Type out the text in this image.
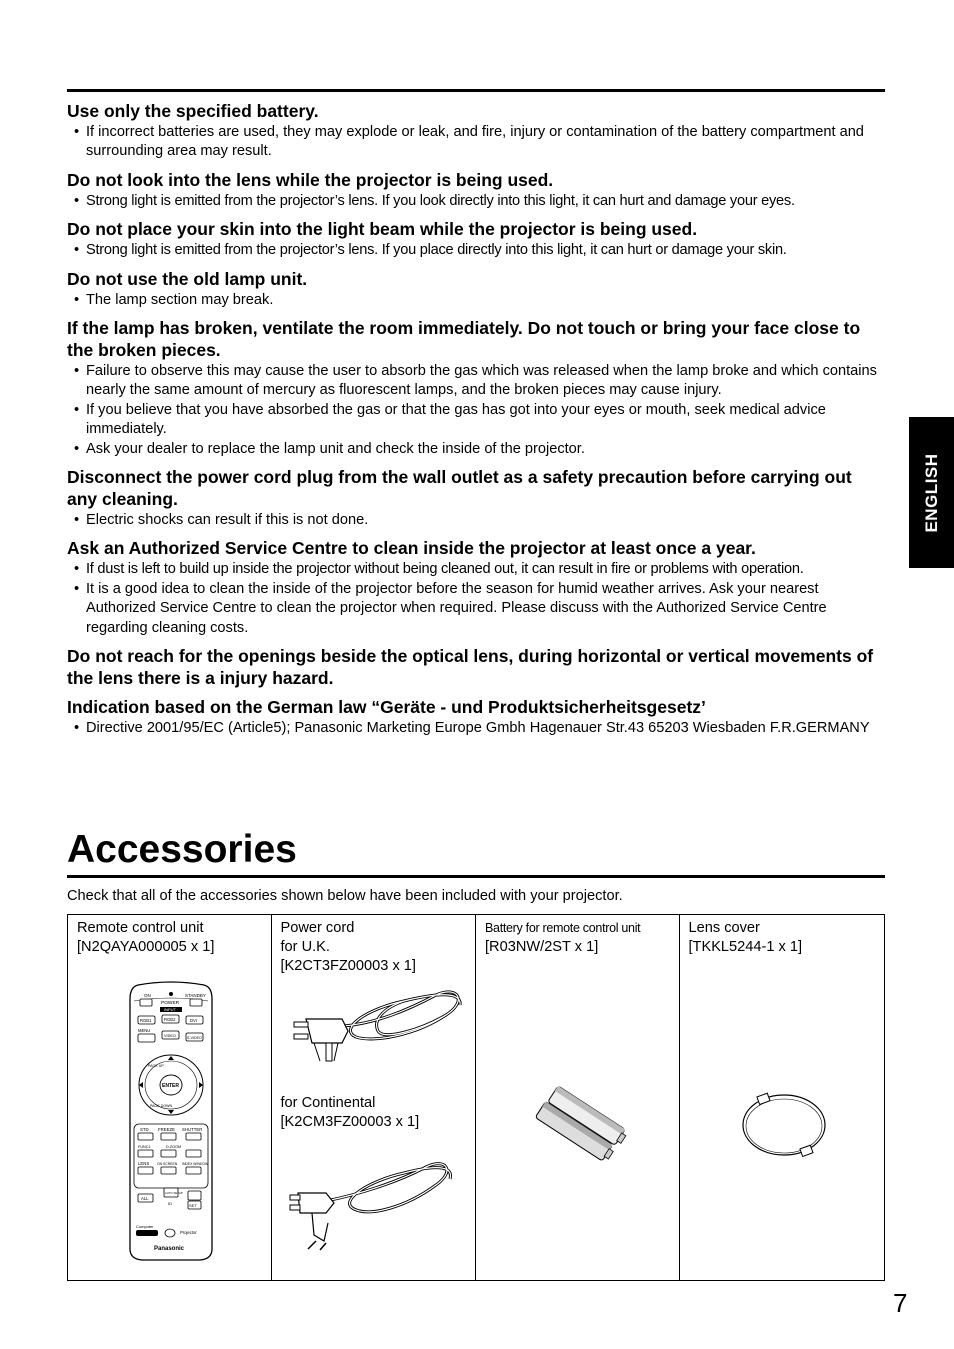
Use only the specified battery.
• If incorrect batteries are used, they may explode or leak, and fire, injury or contamination of the battery compartment and surrounding area may result.
Do not look into the lens while the projector is being used.
• Strong light is emitted from the projector’s lens. If you look directly into this light, it can hurt and damage your eyes.
Do not place your skin into the light beam while the projector is being used.
• Strong light is emitted from the projector’s lens. If you place directly into this light, it can hurt or damage your skin.
Do not use the old lamp unit.
• The lamp section may break.
If the lamp has broken, ventilate the room immediately. Do not touch or bring your face close to the broken pieces.
• Failure to observe this may cause the user to absorb the gas which was released when the lamp broke and which contains nearly the same amount of mercury as fluorescent lamps, and the broken pieces may cause injury.
• If you believe that you have absorbed the gas or that the gas has got into your eyes or mouth, seek medical advice immediately.
• Ask your dealer to replace the lamp unit and check the inside of the projector.
Disconnect the power cord plug from the wall outlet as a safety precaution before carrying out any cleaning.
• Electric shocks can result if this is not done.
Ask an Authorized Service Centre to clean inside the projector at least once a year.
• If dust is left to build up inside the projector without being cleaned out, it can result in fire or problems with operation.
• It is a good idea to clean the inside of the projector before the season for humid weather arrives. Ask your nearest Authorized Service Centre to clean the projector when required. Please discuss with the Authorized Service Centre regarding cleaning costs.
Do not reach for the openings beside the optical lens, during horizontal or vertical movements of the lens there is a injury hazard.
Indication based on the German law “Geräte - und Produktsicherheitsgesetz’
• Directive 2001/95/EC (Article5); Panasonic Marketing Europe Gmbh Hagenauer Str.43 65203 Wiesbaden F.R.GERMANY
Accessories
Check that all of the accessories shown below have been included with your projector.
Remote control unit
[N2QAYA000005 x 1]
ON	STANDBY
POWER
INPUT
RGB1	RGB2	DVI
MENU
VIDEO	S-VIDEO
ENTER
PAGE UP
PAGE DOWN
STD FREEZE SHUTTER
FUNC1	D.ZOOM
LENS ON SCREEN INDEX WINDOW
ALL
AUTO SETUP
ID	SET
Computer
Projector
Panasonic
Power cord
for U.K.
[K2CT3FZ00003 x 1]
for Continental
[K2CM3FZ00003 x 1]
Battery for remote control unit
[R03NW/2ST x 1]
Lens cover
[TKKL5244-1 x 1]
ENGLISH
7
